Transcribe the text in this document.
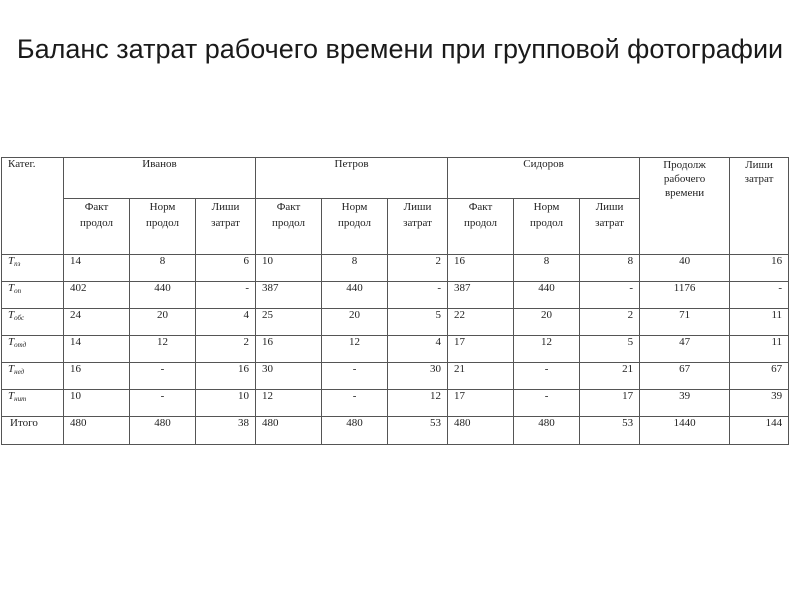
Баланс затрат рабочего времени при групповой фотографии
Катег.	Иванов			Петров			Сидоров			Продолж рабочего времени	Лиши затрат
	Факт продол	Норм продол	Лиши затрат	Факт продол	Норм продол	Лиши затрат	Факт продол	Норм продол	Лиши затрат		
$T_{пз}$	14	8	6	10	8	2	16	8	8	40	16
$T_{оп}$	402	440	-	387	440	-	387	440	-	1176	-
$T_{обс}$	24	20	4	25	20	5	22	20	2	71	11
$T_{отд}$	14	12	2	16	12	4	17	12	5	47	11
$T_{нед}$	16	-	16	30	-	30	21	-	21	67	67
$T_{нит}$	10	-	10	12	-	12	17	-	17	39	39
Итого	480	480	38	480	480	53	480	480	53	1440	144
